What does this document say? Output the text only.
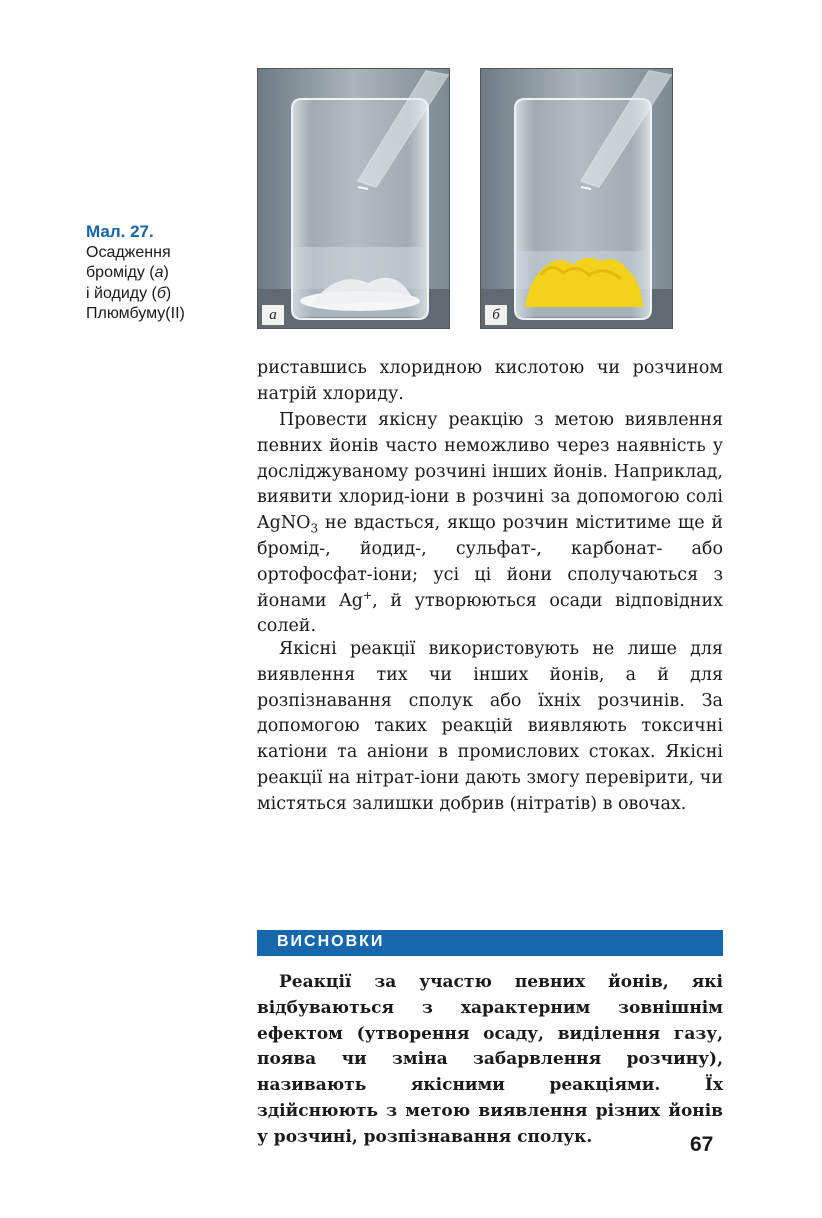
Мал. 27.
Осадження
броміду (а)
і йодиду (б)
Плюмбуму(II)	а	б

риставшись хлоридною кислотою чи розчином натрій хлориду.

Провести якісну реакцію з метою виявлення певних йонів часто неможливо через наявність у досліджуваному розчині інших йонів. Наприклад, виявити хлорид-іони в розчині за допомогою солі AgNO$_3$ не вдасться, якщо розчин міститиме ще й бромід-, йодид-, сульфат-, карбонат- або ортофосфат-іони; усі ці йони сполучаються з йонами Ag+, й утворюються осади відповідних солей.

Якісні реакції використовують не лише для виявлення тих чи інших йонів, а й для розпізнавання сполук або їхніх розчинів. За допомогою таких реакцій виявляють токсичні катіони та аніони в промислових стоках. Якісні реакції на нітрат-іони дають змогу перевірити, чи містяться залишки добрив (нітратів) в овочах.

ВИСНОВКИ

Реакції за участю певних йонів, які відбуваються з характерним зовнішнім ефектом (утворення осаду, виділення газу, поява чи зміна забарвлення розчину), називають якісними реакціями. Їх здійснюють з метою виявлення різних йонів у розчині, розпізнавання сполук.	67
